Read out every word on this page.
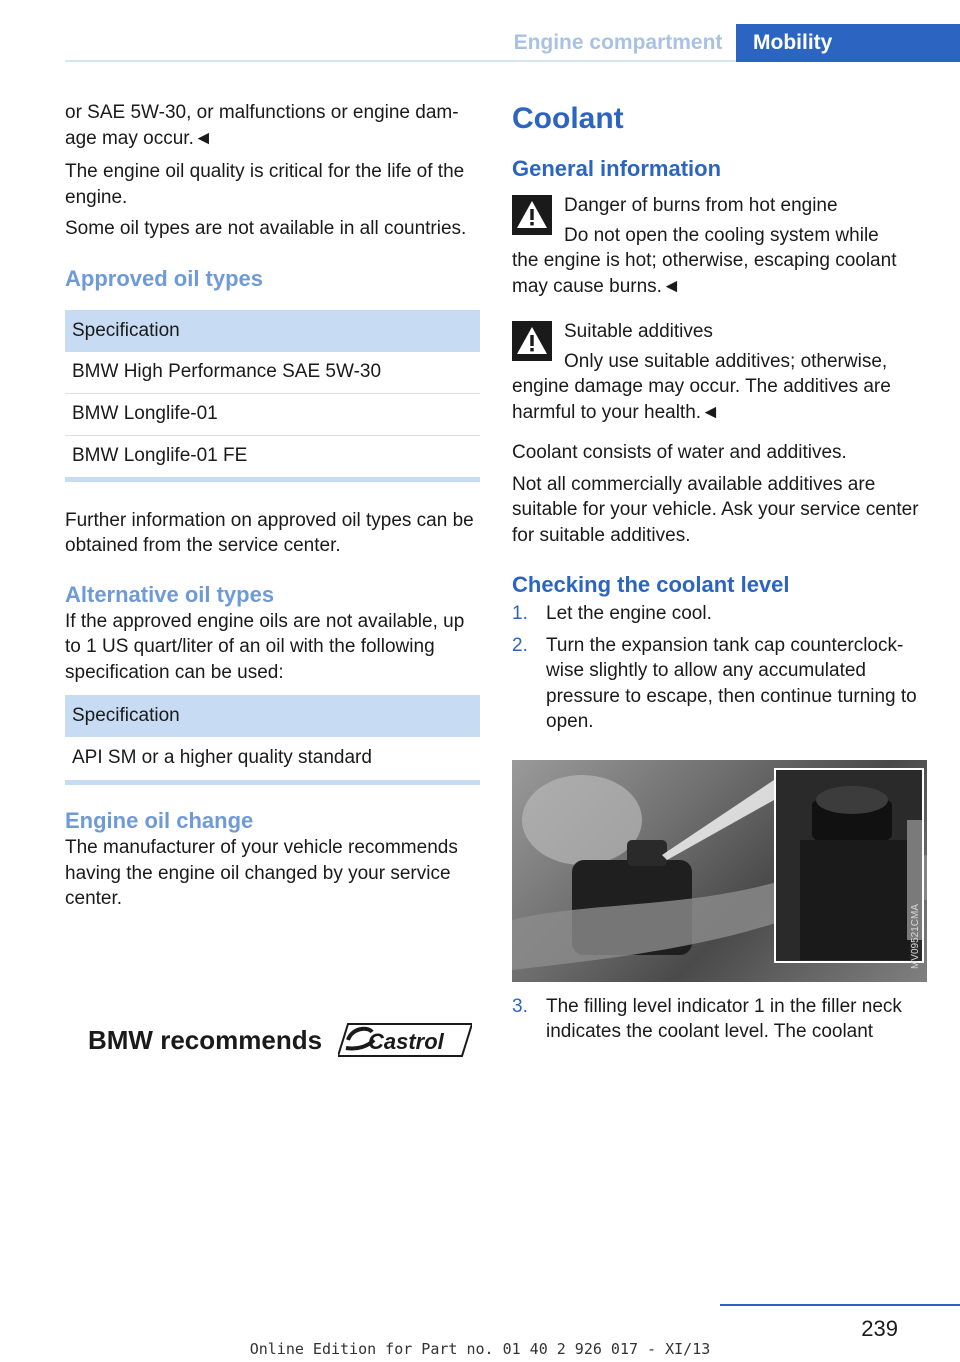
Engine compartment	Mobility

or SAE 5W-30, or malfunctions or engine damage may occur.◄

The engine oil quality is critical for the life of the engine.

Some oil types are not available in all countries.

Approved oil types
Specification
BMW High Performance SAE 5W-30
BMW Longlife-01
BMW Longlife-01 FE

Further information on approved oil types can be obtained from the service center.

Alternative oil types

If the approved engine oils are not available, up to 1 US quart/liter of an oil with the following specification can be used:

Specification
API SM or a higher quality standard
Engine oil change

The manufacturer of your vehicle recommends having the engine oil changed by your service center.

BMW recommends Castrol
Coolant
General information

Danger of burns from hot engine

Do not open the cooling system while

the engine is hot; otherwise, escaping coolant may cause burns.◄

Suitable additives

Only use suitable additives; otherwise,

engine damage may occur. The additives are harmful to your health.◄

Coolant consists of water and additives.

Not all commercially available additives are suitable for your vehicle. Ask your service center for suitable additives.

Checking the coolant level
1. Let the engine cool.
2. Turn the expansion tank cap counterclockwise slightly to allow any accumulated pressure to escape, then continue turning to open.
MV09521CMA
3. The filling level indicator 1 in the filler neck indicates the coolant level. The coolant
239
Online Edition for Part no. 01 40 2 926 017 - XI/13
